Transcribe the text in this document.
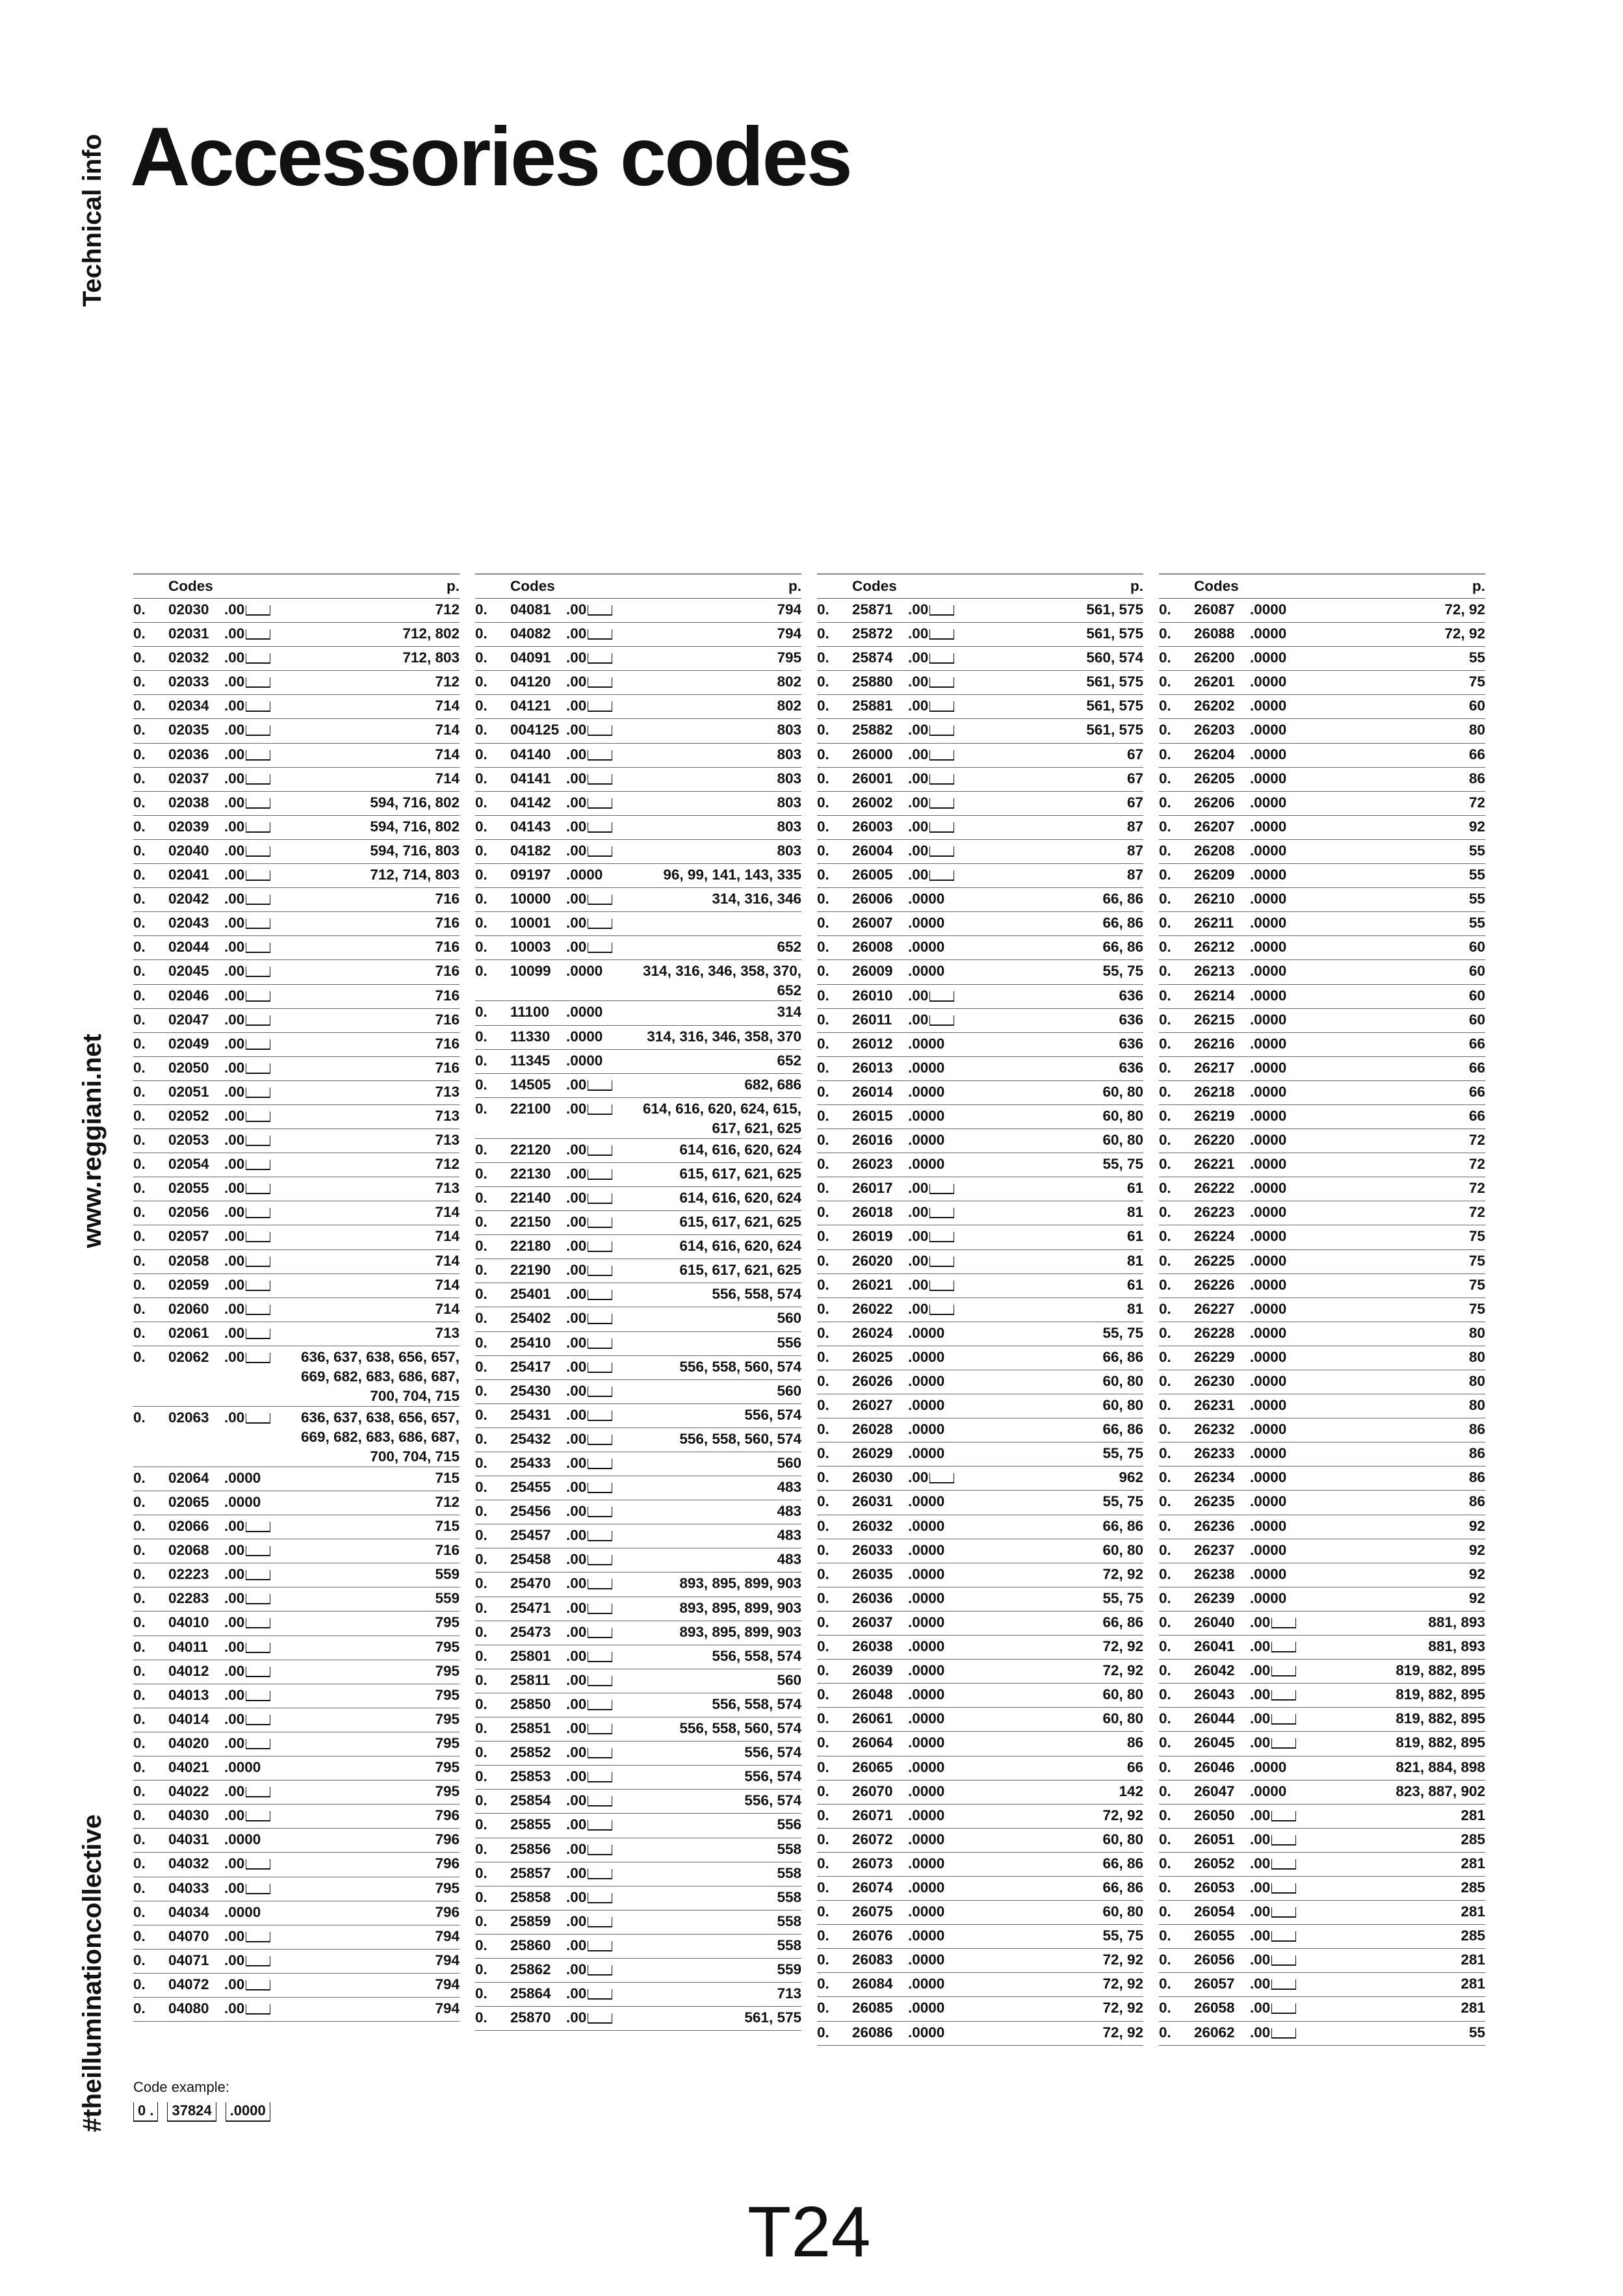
Technical info
www.reggiani.net
#theilluminationcollective
Accessories codes
	Codes		p.
0.	02030	.00	712
0.	02031	.00	712, 802
0.	02032	.00	712, 803
0.	02033	.00	712
0.	02034	.00	714
0.	02035	.00	714
0.	02036	.00	714
0.	02037	.00	714
0.	02038	.00	594, 716, 802
0.	02039	.00	594, 716, 802
0.	02040	.00	594, 716, 803
0.	02041	.00	712, 714, 803
0.	02042	.00	716
0.	02043	.00	716
0.	02044	.00	716
0.	02045	.00	716
0.	02046	.00	716
0.	02047	.00	716
0.	02049	.00	716
0.	02050	.00	716
0.	02051	.00	713
0.	02052	.00	713
0.	02053	.00	713
0.	02054	.00	712
0.	02055	.00	713
0.	02056	.00	714
0.	02057	.00	714
0.	02058	.00	714
0.	02059	.00	714
0.	02060	.00	714
0.	02061	.00	713
0.	02062	.00	636, 637, 638, 656, 657, 669, 682, 683, 686, 687, 700, 704, 715
0.	02063	.00	636, 637, 638, 656, 657, 669, 682, 683, 686, 687, 700, 704, 715
0.	02064	.0000	715
0.	02065	.0000	712
0.	02066	.00	715
0.	02068	.00	716
0.	02223	.00	559
0.	02283	.00	559
0.	04010	.00	795
0.	04011	.00	795
0.	04012	.00	795
0.	04013	.00	795
0.	04014	.00	795
0.	04020	.00	795
0.	04021	.0000	795
0.	04022	.00	795
0.	04030	.00	796
0.	04031	.0000	796
0.	04032	.00	796
0.	04033	.00	795
0.	04034	.0000	796
0.	04070	.00	794
0.	04071	.00	794
0.	04072	.00	794
0.	04080	.00	794
	Codes		p.
0.	04081	.00	794
0.	04082	.00	794
0.	04091	.00	795
0.	04120	.00	802
0.	04121	.00	802
0.	004125	.00	803
0.	04140	.00	803
0.	04141	.00	803
0.	04142	.00	803
0.	04143	.00	803
0.	04182	.00	803
0.	09197	.0000	96, 99, 141, 143, 335
0.	10000	.00	314, 316, 346
0.	10001	.00	
0.	10003	.00	652
0.	10099	.0000	314, 316, 346, 358, 370, 652
0.	11100	.0000	314
0.	11330	.0000	314, 316, 346, 358, 370
0.	11345	.0000	652
0.	14505	.00	682, 686
0.	22100	.00	614, 616, 620, 624, 615, 617, 621, 625
0.	22120	.00	614, 616, 620, 624
0.	22130	.00	615, 617, 621, 625
0.	22140	.00	614, 616, 620, 624
0.	22150	.00	615, 617, 621, 625
0.	22180	.00	614, 616, 620, 624
0.	22190	.00	615, 617, 621, 625
0.	25401	.00	556, 558, 574
0.	25402	.00	560
0.	25410	.00	556
0.	25417	.00	556, 558, 560, 574
0.	25430	.00	560
0.	25431	.00	556, 574
0.	25432	.00	556, 558, 560, 574
0.	25433	.00	560
0.	25455	.00	483
0.	25456	.00	483
0.	25457	.00	483
0.	25458	.00	483
0.	25470	.00	893, 895, 899, 903
0.	25471	.00	893, 895, 899, 903
0.	25473	.00	893, 895, 899, 903
0.	25801	.00	556, 558, 574
0.	25811	.00	560
0.	25850	.00	556, 558, 574
0.	25851	.00	556, 558, 560, 574
0.	25852	.00	556, 574
0.	25853	.00	556, 574
0.	25854	.00	556, 574
0.	25855	.00	556
0.	25856	.00	558
0.	25857	.00	558
0.	25858	.00	558
0.	25859	.00	558
0.	25860	.00	558
0.	25862	.00	559
0.	25864	.00	713
0.	25870	.00	561, 575
	Codes		p.
0.	25871	.00	561, 575
0.	25872	.00	561, 575
0.	25874	.00	560, 574
0.	25880	.00	561, 575
0.	25881	.00	561, 575
0.	25882	.00	561, 575
0.	26000	.00	67
0.	26001	.00	67
0.	26002	.00	67
0.	26003	.00	87
0.	26004	.00	87
0.	26005	.00	87
0.	26006	.0000	66, 86
0.	26007	.0000	66, 86
0.	26008	.0000	66, 86
0.	26009	.0000	55, 75
0.	26010	.00	636
0.	26011	.00	636
0.	26012	.0000	636
0.	26013	.0000	636
0.	26014	.0000	60, 80
0.	26015	.0000	60, 80
0.	26016	.0000	60, 80
0.	26023	.0000	55, 75
0.	26017	.00	61
0.	26018	.00	81
0.	26019	.00	61
0.	26020	.00	81
0.	26021	.00	61
0.	26022	.00	81
0.	26024	.0000	55, 75
0.	26025	.0000	66, 86
0.	26026	.0000	60, 80
0.	26027	.0000	60, 80
0.	26028	.0000	66, 86
0.	26029	.0000	55, 75
0.	26030	.00	962
0.	26031	.0000	55, 75
0.	26032	.0000	66, 86
0.	26033	.0000	60, 80
0.	26035	.0000	72, 92
0.	26036	.0000	55, 75
0.	26037	.0000	66, 86
0.	26038	.0000	72, 92
0.	26039	.0000	72, 92
0.	26048	.0000	60, 80
0.	26061	.0000	60, 80
0.	26064	.0000	86
0.	26065	.0000	66
0.	26070	.0000	142
0.	26071	.0000	72, 92
0.	26072	.0000	60, 80
0.	26073	.0000	66, 86
0.	26074	.0000	66, 86
0.	26075	.0000	60, 80
0.	26076	.0000	55, 75
0.	26083	.0000	72, 92
0.	26084	.0000	72, 92
0.	26085	.0000	72, 92
0.	26086	.0000	72, 92
	Codes		p.
0.	26087	.0000	72, 92
0.	26088	.0000	72, 92
0.	26200	.0000	55
0.	26201	.0000	75
0.	26202	.0000	60
0.	26203	.0000	80
0.	26204	.0000	66
0.	26205	.0000	86
0.	26206	.0000	72
0.	26207	.0000	92
0.	26208	.0000	55
0.	26209	.0000	55
0.	26210	.0000	55
0.	26211	.0000	55
0.	26212	.0000	60
0.	26213	.0000	60
0.	26214	.0000	60
0.	26215	.0000	60
0.	26216	.0000	66
0.	26217	.0000	66
0.	26218	.0000	66
0.	26219	.0000	66
0.	26220	.0000	72
0.	26221	.0000	72
0.	26222	.0000	72
0.	26223	.0000	72
0.	26224	.0000	75
0.	26225	.0000	75
0.	26226	.0000	75
0.	26227	.0000	75
0.	26228	.0000	80
0.	26229	.0000	80
0.	26230	.0000	80
0.	26231	.0000	80
0.	26232	.0000	86
0.	26233	.0000	86
0.	26234	.0000	86
0.	26235	.0000	86
0.	26236	.0000	92
0.	26237	.0000	92
0.	26238	.0000	92
0.	26239	.0000	92
0.	26040	.00	881, 893
0.	26041	.00	881, 893
0.	26042	.00	819, 882, 895
0.	26043	.00	819, 882, 895
0.	26044	.00	819, 882, 895
0.	26045	.00	819, 882, 895
0.	26046	.0000	821, 884, 898
0.	26047	.0000	823, 887, 902
0.	26050	.00	281
0.	26051	.00	285
0.	26052	.00	281
0.	26053	.00	285
0.	26054	.00	281
0.	26055	.00	285
0.	26056	.00	281
0.	26057	.00	281
0.	26058	.00	281
0.	26062	.00	55
Code example:
0 .	37824	.0000

T24
